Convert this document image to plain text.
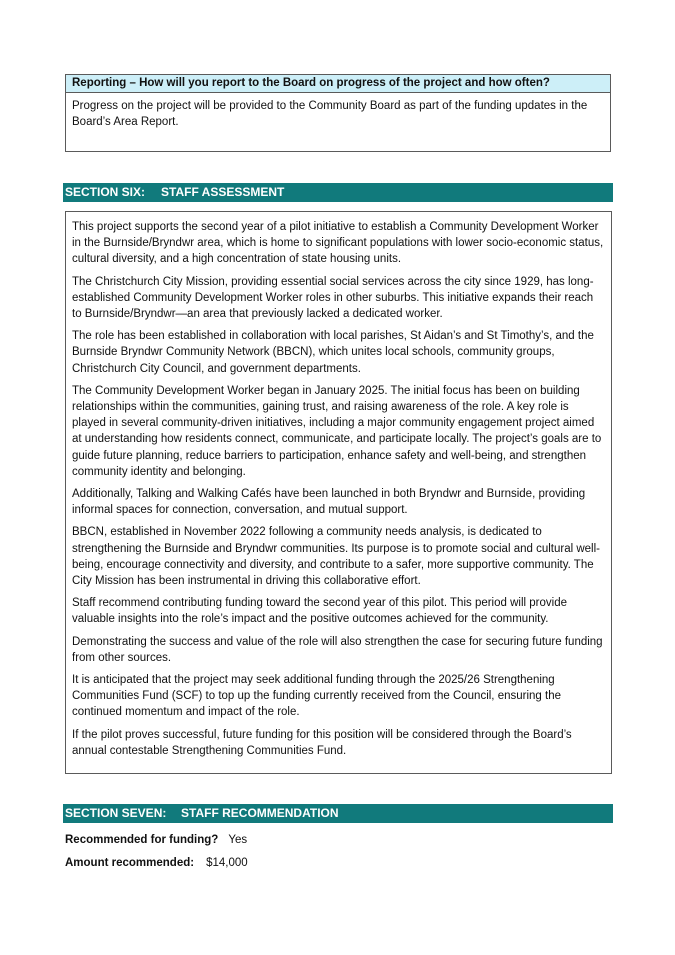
Reporting – How will you report to the Board on progress of the project and how often?
Progress on the project will be provided to the Community Board as part of the funding updates in the Board’s Area Report.
SECTION SIX: STAFF ASSESSMENT

This project supports the second year of a pilot initiative to establish a Community Development Worker in the Burnside/Bryndwr area, which is home to significant populations with lower socio-economic status, cultural diversity, and a high concentration of state housing units.

The Christchurch City Mission, providing essential social services across the city since 1929, has long-established Community Development Worker roles in other suburbs. This initiative expands their reach to Burnside/Bryndwr—an area that previously lacked a dedicated worker.

The role has been established in collaboration with local parishes, St Aidan’s and St Timothy’s, and the Burnside Bryndwr Community Network (BBCN), which unites local schools, community groups, Christchurch City Council, and government departments.

The Community Development Worker began in January 2025. The initial focus has been on building relationships within the communities, gaining trust, and raising awareness of the role. A key role is played in several community-driven initiatives, including a major community engagement project aimed at understanding how residents connect, communicate, and participate locally. The project’s goals are to guide future planning, reduce barriers to participation, enhance safety and well-being, and strengthen community identity and belonging.

Additionally, Talking and Walking Cafés have been launched in both Bryndwr and Burnside, providing informal spaces for connection, conversation, and mutual support.

BBCN, established in November 2022 following a community needs analysis, is dedicated to strengthening the Burnside and Bryndwr communities. Its purpose is to promote social and cultural well-being, encourage connectivity and diversity, and contribute to a safer, more supportive community. The City Mission has been instrumental in driving this collaborative effort.

Staff recommend contributing funding toward the second year of this pilot. This period will provide valuable insights into the role’s impact and the positive outcomes achieved for the community.

Demonstrating the success and value of the role will also strengthen the case for securing future funding from other sources.

It is anticipated that the project may seek additional funding through the 2025/26 Strengthening Communities Fund (SCF) to top up the funding currently received from the Council, ensuring the continued momentum and impact of the role.

If the pilot proves successful, future funding for this position will be considered through the Board’s annual contestable Strengthening Communities Fund.

SECTION SEVEN: STAFF RECOMMENDATION
Recommended for funding? Yes
Amount recommended: $14,000
